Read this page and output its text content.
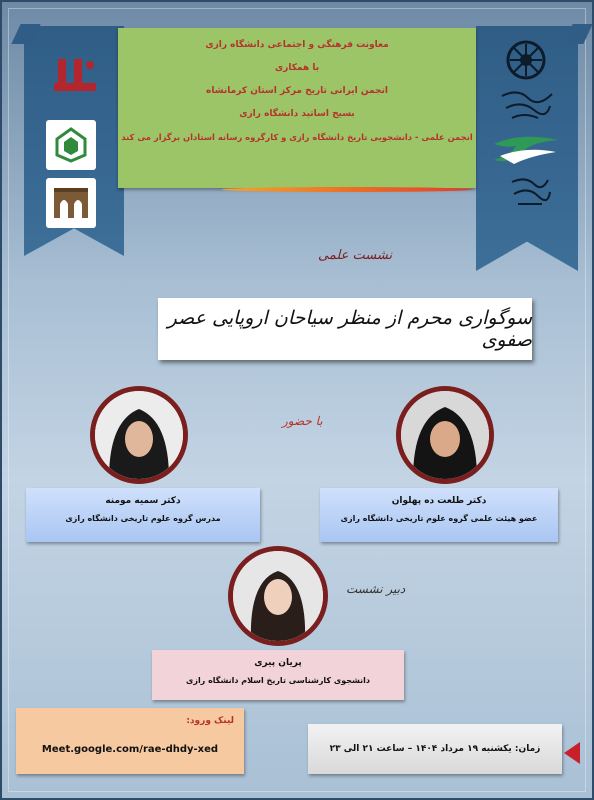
معاونت فرهنگی و اجتماعی دانشگاه رازی

با همکاری

انجمن ایرانی تاریخ مرکز استان کرمانشاه

بسیج اساتید دانشگاه رازی

انجمن علمی - دانشجویی تاریخ دانشگاه رازی و کارگروه رسانه استادان برگزار می کند

نشست علمی
سوگواری محرم از منظر سیاحان اروپایی عصر صفوی
با حضور
دکتر سمیه مومنه
مدرس گروه علوم تاریخی دانشگاه رازی
دکتر طلعت ده پهلوان
عضو هیئت علمی گروه علوم تاریخی دانشگاه رازی
دبیر نشست
پریان پیری
دانشجوی کارشناسی تاریخ اسلام دانشگاه رازی
لینک ورود:
Meet.google.com/rae-dhdy-xed	زمان: یکشنبه ۱۹ مرداد ۱۴۰۴ – ساعت ۲۱ الی ۲۳
